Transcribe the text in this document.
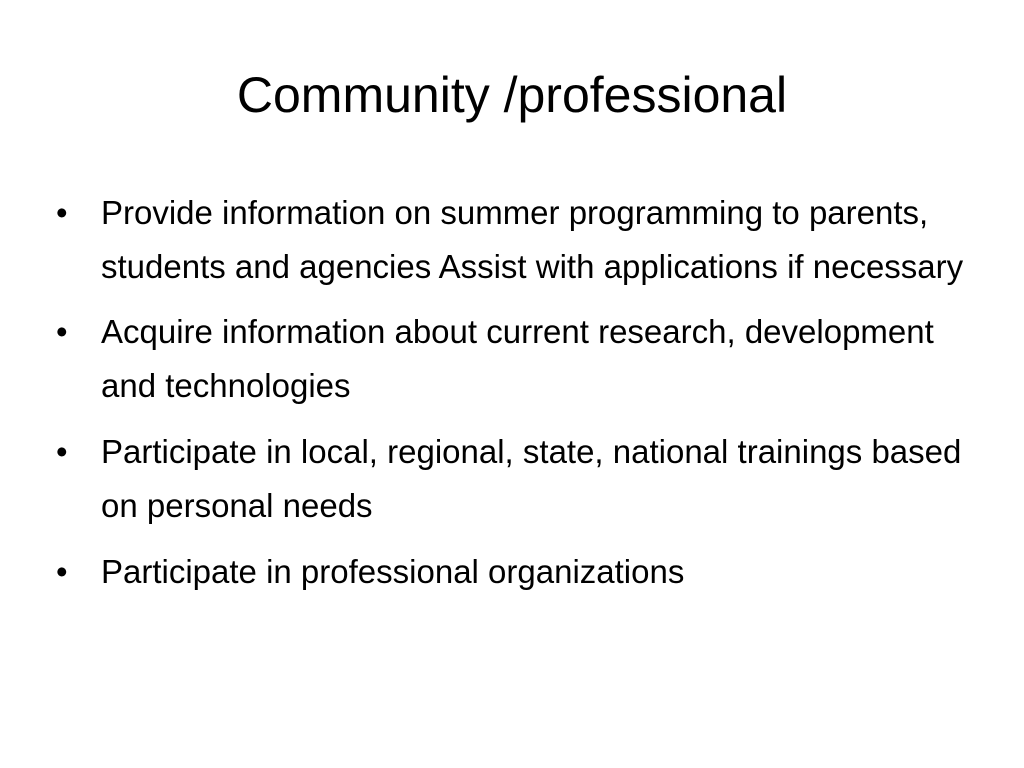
Community /professional
•	Provide information on summer programming to parents, students and agencies Assist with applications if necessary
•	Acquire information about current research, development and technologies
•	Participate in local, regional, state, national trainings based on personal needs
•	Participate in professional organizations
